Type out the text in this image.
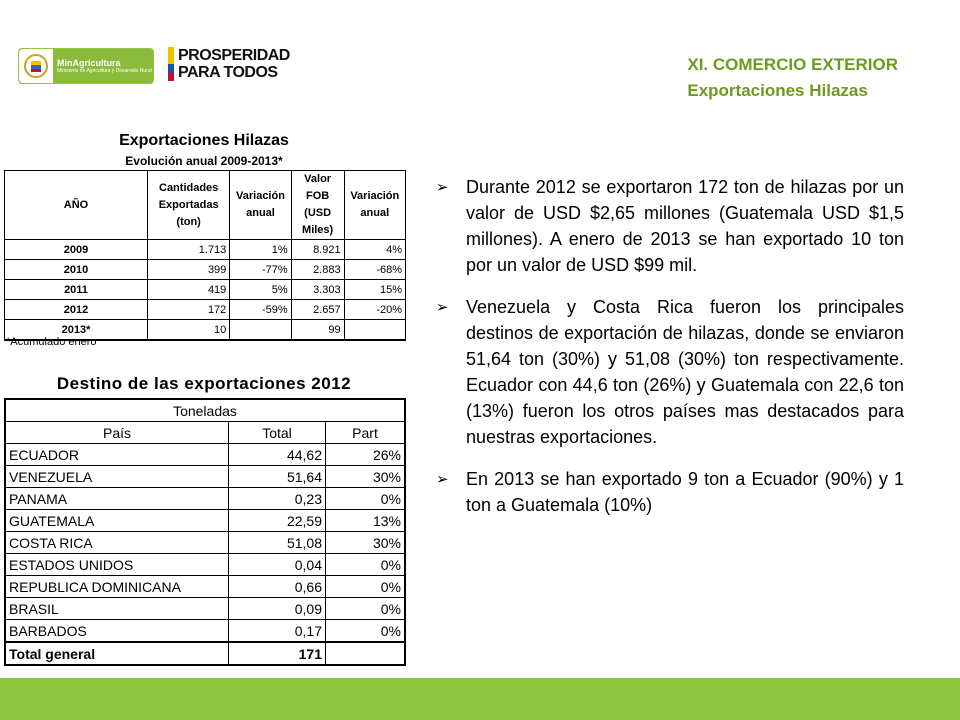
MinAgricultura
Ministerio de Agricultura y Desarrollo Rural
PROSPERIDAD
PARA TODOS	XI. COMERCIO EXTERIOR
Exportaciones Hilazas
Exportaciones Hilazas
Evolución anual 2009-2013*
AÑO	Cantidades Exportadas (ton)	Variación anual	Valor FOB (USD Miles)	Variación anual
2009	1.713	1%	8.921	4%
2010	399	-77%	2.883	-68%
2011	419	5%	3.303	15%
2012	172	-59%	2.657	-20%
2013*	10		99	
*Acumulado enero
Destino de las exportaciones 2012
Toneladas		
País	Total	Part
ECUADOR	44,62	26%
VENEZUELA	51,64	30%
PANAMA	0,23	0%
GUATEMALA	22,59	13%
COSTA RICA	51,08	30%
ESTADOS UNIDOS	0,04	0%
REPUBLICA DOMINICANA	0,66	0%
BRASIL	0,09	0%
BARBADOS	0,17	0%
Total general	171	
➢ Durante 2012 se exportaron 172 ton de hilazas por un valor de USD $2,65 millones (Guatemala USD $1,5 millones). A enero de 2013 se han exportado 10 ton por un valor de USD $99 mil.
➢ Venezuela y Costa Rica fueron los principales destinos de exportación de hilazas, donde se enviaron 51,64 ton (30%) y 51,08 (30%) ton respectivamente. Ecuador con 44,6 ton (26%) y Guatemala con 22,6 ton (13%) fueron los otros países mas destacados para nuestras exportaciones.
➢ En 2013 se han exportado 9 ton a Ecuador (90%) y 1 ton a Guatemala (10%)
